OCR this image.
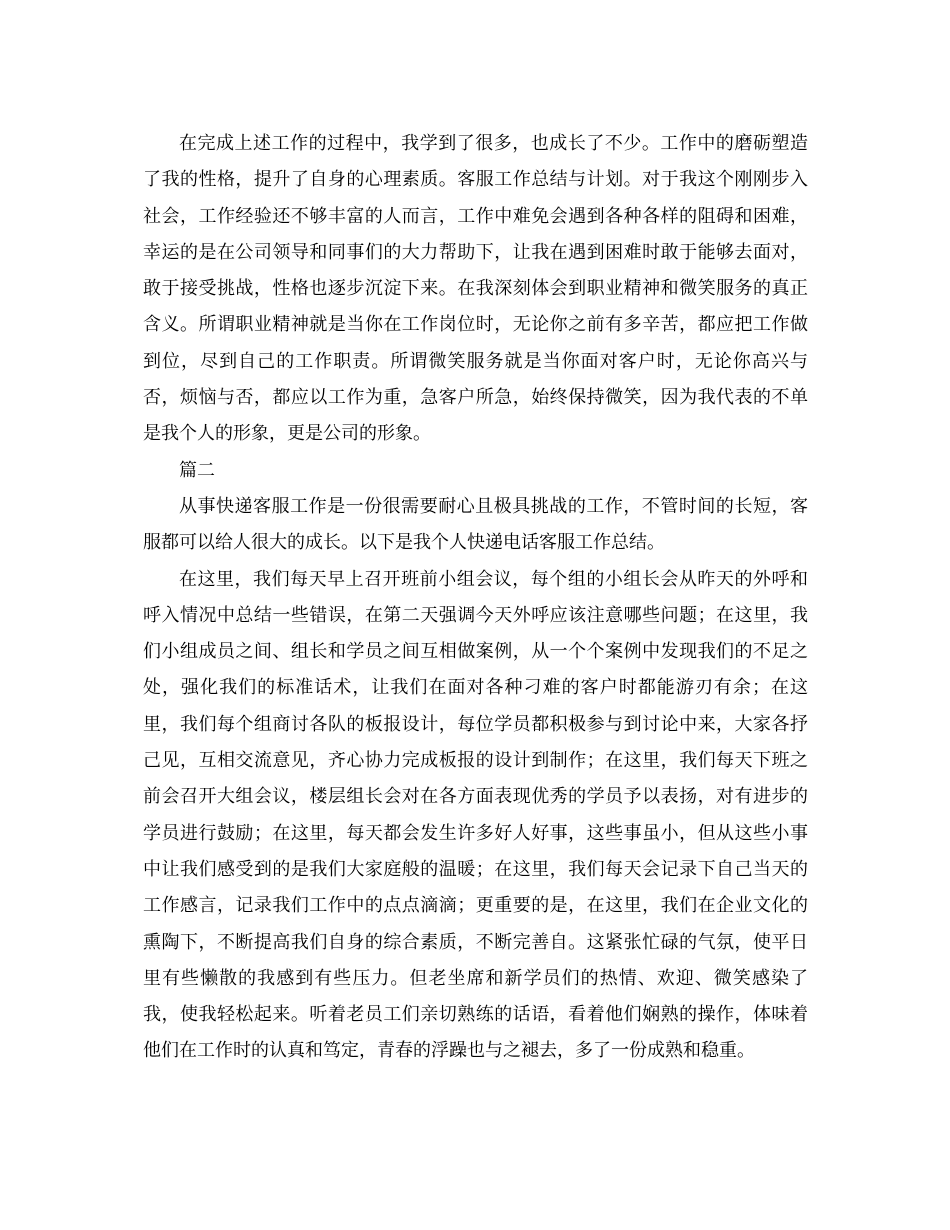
在完成上述工作的过程中，我学到了很多，也成长了不少。工作中的磨砺塑造了我的性格，提升了自身的心理素质。客服工作总结与计划。对于我这个刚刚步入社会，工作经验还不够丰富的人而言，工作中难免会遇到各种各样的阻碍和困难，幸运的是在公司领导和同事们的大力帮助下，让我在遇到困难时敢于能够去面对，敢于接受挑战，性格也逐步沉淀下来。在我深刻体会到职业精神和微笑服务的真正含义。所谓职业精神就是当你在工作岗位时，无论你之前有多辛苦，都应把工作做到位，尽到自己的工作职责。所谓微笑服务就是当你面对客户时，无论你高兴与否，烦恼与否，都应以工作为重，急客户所急，始终保持微笑，因为我代表的不单是我个人的形象，更是公司的形象。

篇二

从事快递客服工作是一份很需要耐心且极具挑战的工作，不管时间的长短，客服都可以给人很大的成长。以下是我个人快递电话客服工作总结。

在这里，我们每天早上召开班前小组会议，每个组的小组长会从昨天的外呼和呼入情况中总结一些错误，在第二天强调今天外呼应该注意哪些问题；在这里，我们小组成员之间、组长和学员之间互相做案例，从一个个案例中发现我们的不足之处，强化我们的标准话术，让我们在面对各种刁难的客户时都能游刃有余；在这里，我们每个组商讨各队的板报设计，每位学员都积极参与到讨论中来，大家各抒己见，互相交流意见，齐心协力完成板报的设计到制作；在这里，我们每天下班之前会召开大组会议，楼层组长会对在各方面表现优秀的学员予以表扬，对有进步的学员进行鼓励；在这里，每天都会发生许多好人好事，这些事虽小，但从这些小事中让我们感受到的是我们大家庭般的温暖；在这里，我们每天会记录下自己当天的工作感言，记录我们工作中的点点滴滴；更重要的是，在这里，我们在企业文化的熏陶下，不断提高我们自身的综合素质，不断完善自。这紧张忙碌的气氛，使平日里有些懒散的我感到有些压力。但老坐席和新学员们的热情、欢迎、微笑感染了我，使我轻松起来。听着老员工们亲切熟练的话语，看着他们娴熟的操作，体味着他们在工作时的认真和笃定，青春的浮躁也与之褪去，多了一份成熟和稳重。
